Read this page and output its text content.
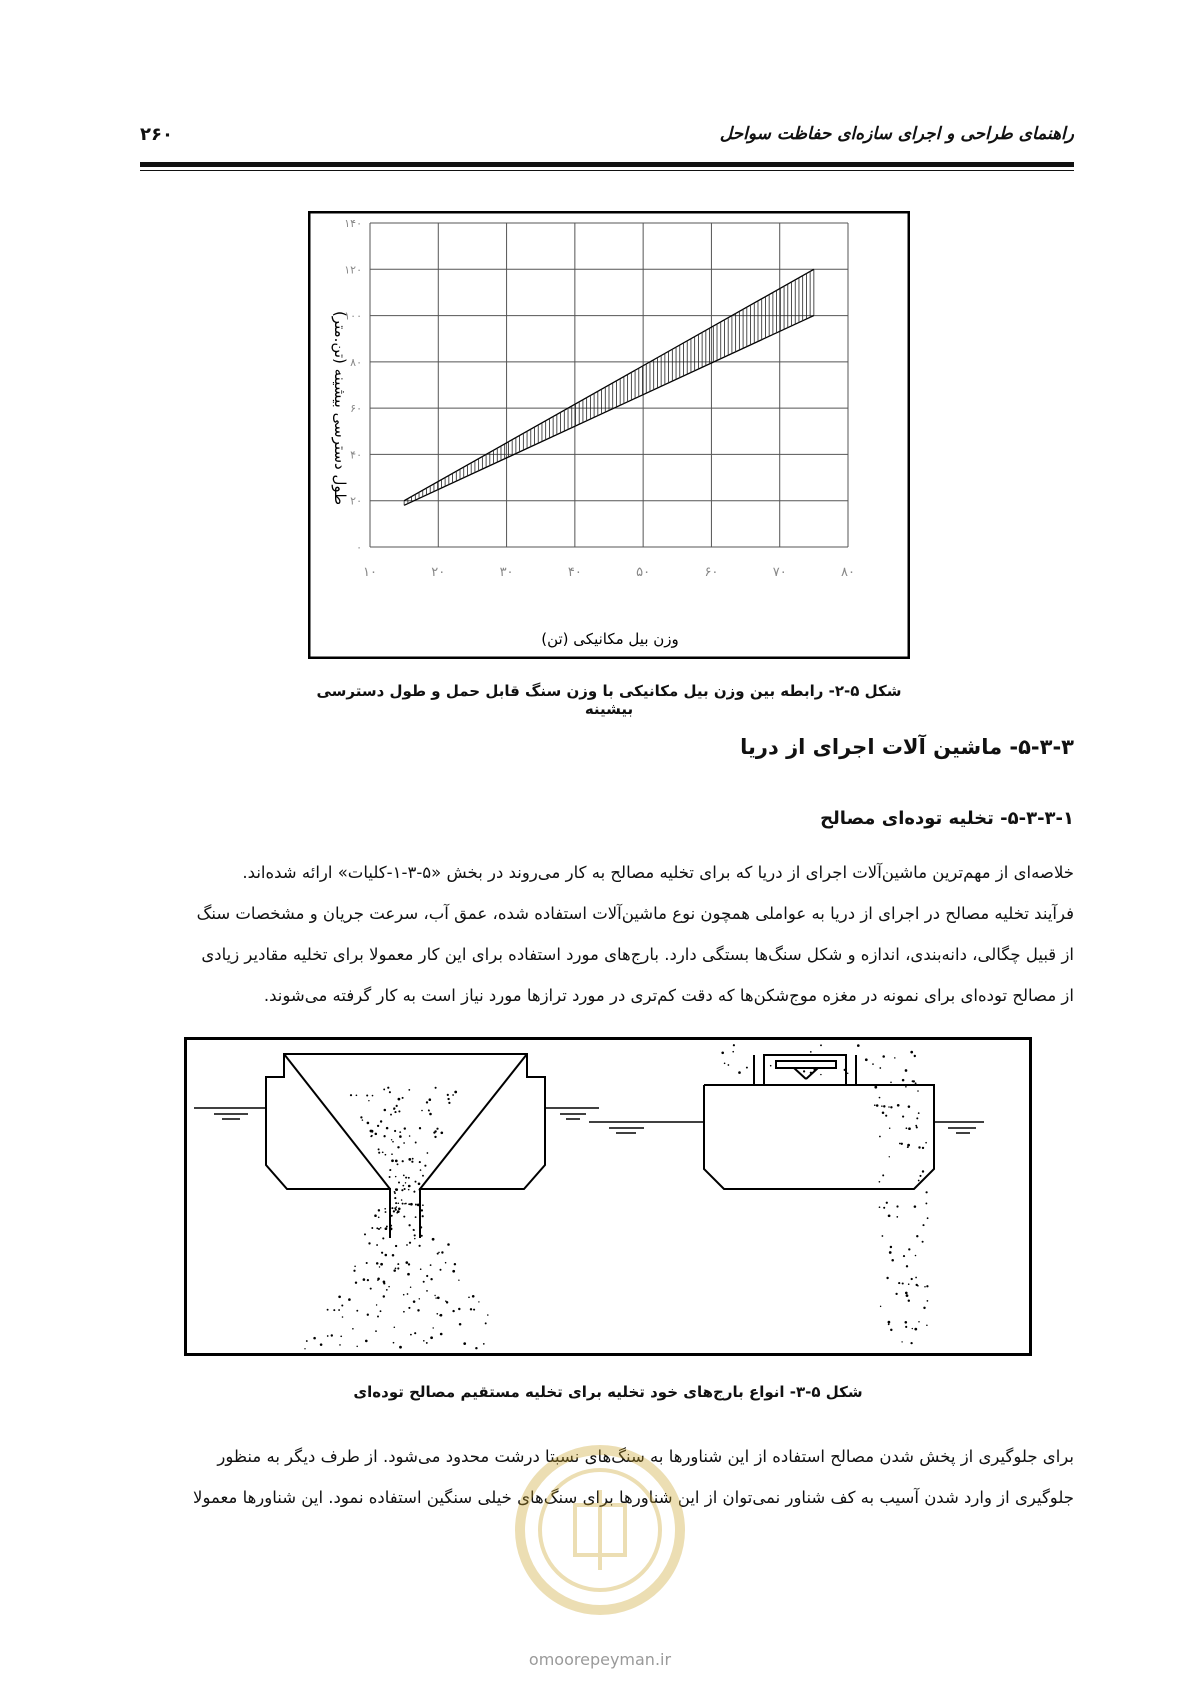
راهنمای طراحی و اجرای سازه‌ای حفاظت سواحل
۲۶۰
۱۰	۲۰	۳۰	۴۰	۵۰	۶۰	۷۰	۸۰
۰
۲۰
۴۰
۶۰
۸۰
۱۰۰
۱۲۰
۱۴۰
وزن بیل مکانیکی (تن)
طول دسترسی بیشینه (تن.متر)
شکل ۵-۲- رابطه بین وزن بیل مکانیکی با وزن سنگ قابل حمل و طول دسترسی بیشینه
۵-۳-۳- ماشین آلات اجرای از دریا
۵-۳-۳-۱- تخلیه توده‌ای مصالح
خلاصه‌ای از مهم‌ترین ماشین‌آلات اجرای از دریا که برای تخلیه مصالح به کار می‌روند در بخش «۵-۳-۱-کلیات» ارائه شده‌اند.
فرآیند تخلیه مصالح در اجرای از دریا به عواملی همچون نوع ماشین‌آلات استفاده شده، عمق آب، سرعت جریان و مشخصات سنگ
از قبیل چگالی، دانه‌بندی، اندازه و شکل سنگ‌ها بستگی دارد. بارج‌های مورد استفاده برای این کار معمولا برای تخلیه مقادیر زیادی
از مصالح توده‌ای برای نمونه در مغزه موج‌شکن‌ها که دقت کم‌تری در مورد ترازها مورد نیاز است به کار گرفته می‌شوند.
شکل ۵-۳- انواع بارج‌های خود تخلیه برای تخلیه مستقیم مصالح توده‌ای
برای جلوگیری از پخش شدن مصالح استفاده از این شناورها به سنگ‌های نسبتا درشت محدود می‌شود. از طرف دیگر به منظور
جلوگیری از وارد شدن آسیب به کف شناور نمی‌توان از این شناورها برای سنگ‌های خیلی سنگین استفاده نمود. این شناورها معمولا
omoorepeyman.ir
